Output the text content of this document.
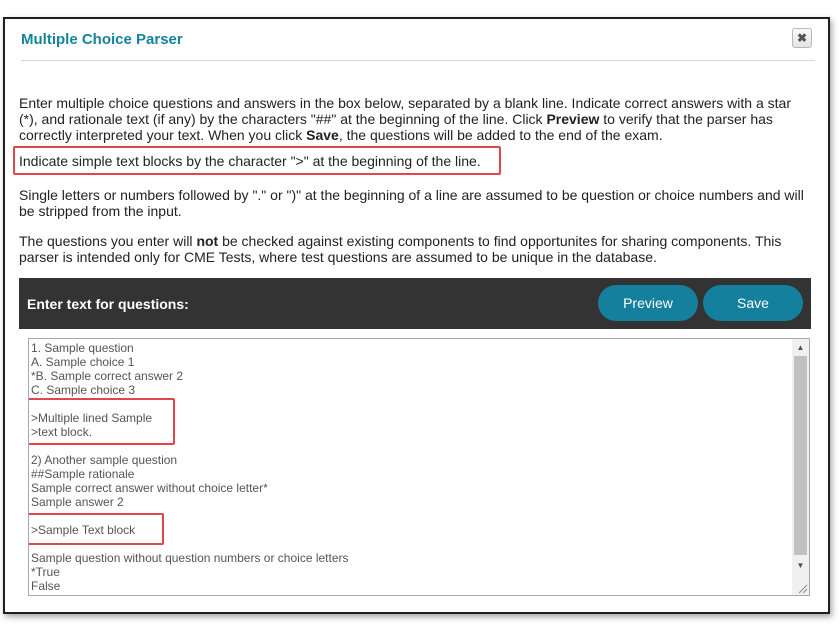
Multiple Choice Parser	✖

Enter multiple choice questions and answers in the box below, separated by a blank line. Indicate correct answers with a star (*), and rationale text (if any) by the characters "##" at the beginning of the line. Click Preview to verify that the parser has correctly interpreted your text. When you click Save, the questions will be added to the end of the exam.

Indicate simple text blocks by the character ">" at the beginning of the line.

Single letters or numbers followed by "." or ")" at the beginning of a line are assumed to be question or choice numbers and will be stripped from the input.

The questions you enter will not be checked against existing components to find opportunites for sharing components. This parser is intended only for CME Tests, where test questions are assumed to be unique in the database.

Enter text for questions:	Preview	Save
1. Sample question
A. Sample choice 1
*B. Sample correct answer 2
C. Sample choice 3
>Multiple lined Sample
>text block.
2) Another sample question
##Sample rationale
Sample correct answer without choice letter*
Sample answer 2
>Sample Text block
Sample question without question numbers or choice letters
*True
False
▲
▼
